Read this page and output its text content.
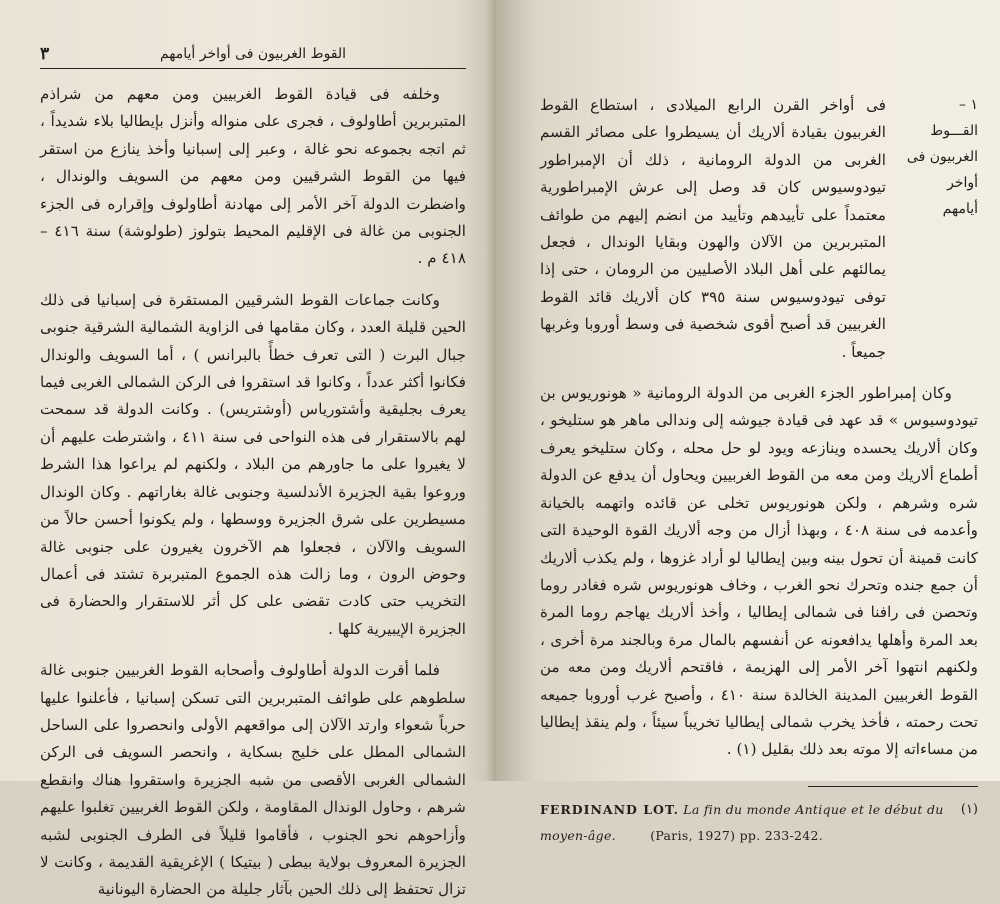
٣	القوط الغربيون فى أواخر أيامهم

وخلفه فى قيادة القوط الغربيين ومن معهم من شراذم المتبربرين أطاولوف ، فجرى على منواله وأنزل بإيطاليا بلاء شديداً ، ثم اتجه بجموعه نحو غالة ، وعبر إلى إسبانيا وأخذ ينازع من استقر فيها من القوط الشرقيين ومن معهم من السويف والوندال ، واضطرت الدولة آخر الأمر إلى مهادنة أطاولوف وإقراره فى الجزء الجنوبى من غالة فى الإقليم المحيط بتولوز (طولوشة) سنة ٤١٦ – ٤١٨ م .

وكانت جماعات القوط الشرقيين المستقرة فى إسبانيا فى ذلك الحين قليلة العدد ، وكان مقامها فى الزاوية الشمالية الشرقية جنوبى جبال البرت ( التى تعرف خطأً بالبرانس ) ، أما السويف والوندال فكانوا أكثر عدداً ، وكانوا قد استقروا فى الركن الشمالى الغربى فيما يعرف بجليقية وأشتورياس (أوشتريس) . وكانت الدولة قد سمحت لهم بالاستقرار فى هذه النواحى فى سنة ٤١١ ، واشترطت عليهم أن لا يغيروا على ما جاورهم من البلاد ، ولكنهم لم يراعوا هذا الشرط وروعوا بقية الجزيرة الأندلسية وجنوبى غالة بغاراتهم . وكان الوندال مسيطرين على شرق الجزيرة ووسطها ، ولم يكونوا أحسن حالاً من السويف والآلان ، فجعلوا هم الآخرون يغيرون على جنوبى غالة وحوض الرون ، وما زالت هذه الجموع المتبربرة تشتد فى أعمال التخريب حتى كادت تقضى على كل أثر للاستقرار والحضارة فى الجزيرة الإيبيرية كلها .

فلما أقرت الدولة أطاولوف وأصحابه القوط الغربيين جنوبى غالة سلطوهم على طوائف المتبربرين التى تسكن إسبانيا ، فأعلنوا عليها حرباً شعواء وارتد الآلان إلى مواقعهم الأولى وانحصروا على الساحل الشمالى المطل على خليج بسكاية ، وانحصر السويف فى الركن الشمالى الغربى الأقصى من شبه الجزيرة واستقروا هناك وانقطع شرهم ، وحاول الوندال المقاومة ، ولكن القوط الغربيين تغلبوا عليهم وأزاحوهم نحو الجنوب ، فأقاموا قليلاً فى الطرف الجنوبى لشبه الجزيرة المعروف بولاية بيطى ( بيتيكا ) الإغريقية القديمة ، وكانت لا تزال تحتفظ إلى ذلك الحين بآثار جليلة من الحضارة اليونانية

١ –
القـــوط
الغربيون فى أواخر
أيامهم

فى أواخر القرن الرابع الميلادى ، استطاع القوط الغربيون بقيادة ألاريك أن يسيطروا على مصائر القسم الغربى من الدولة الرومانية ، ذلك أن الإمبراطور تيودوسيوس كان قد وصل إلى عرش الإمبراطورية معتمداً على تأييدهم وتأييد من انضم إليهم من طوائف المتبربرين من الآلان والهون وبقايا الوندال ، فجعل يمالئهم على أهل البلاد الأصليين من الرومان ، حتى إذا توفى تيودوسيوس سنة ٣٩٥ كان ألاريك قائد القوط الغربيين قد أصبح أقوى شخصية فى وسط أوروبا وغربها جميعاً .

وكان إمبراطور الجزء الغربى من الدولة الرومانية « هونوريوس بن تيودوسيوس » قد عهد فى قيادة جيوشه إلى وندالى ماهر هو ستليخو ، وكان ألاريك يحسده وينازعه ويود لو حل محله ، وكان ستليخو يعرف أطماع ألاريك ومن معه من القوط الغربيين ويحاول أن يدفع عن الدولة شره وشرهم ، ولكن هونوريوس تخلى عن قائده واتهمه بالخيانة وأعدمه فى سنة ٤٠٨ ، وبهذا أزال من وجه ألاريك القوة الوحيدة التى كانت قمينة أن تحول بينه وبين إيطاليا لو أراد غزوها ، ولم يكذب ألاريك أن جمع جنده وتحرك نحو الغرب ، وخاف هونوريوس شره فغادر روما وتحصن فى رافنا فى شمالى إيطاليا ، وأخذ ألاريك يهاجم روما المرة بعد المرة وأهلها يدافعونه عن أنفسهم بالمال مرة وبالجند مرة أخرى ، ولكنهم انتهوا آخر الأمر إلى الهزيمة ، فاقتحم ألاريك ومن معه من القوط الغربيين المدينة الخالدة سنة ٤١٠ ، وأصبح غرب أوروبا جميعه تحت رحمته ، فأخذ يخرب شمالى إيطاليا تخريباً سيئاً ، ولم ينقذ إيطاليا من مساءاته إلا موته بعد ذلك بقليل (١) .

(١)
FERDINAND LOT. La fin du monde Antique et le début du moyen-âge.	(Paris, 1927) pp. 233-242.
